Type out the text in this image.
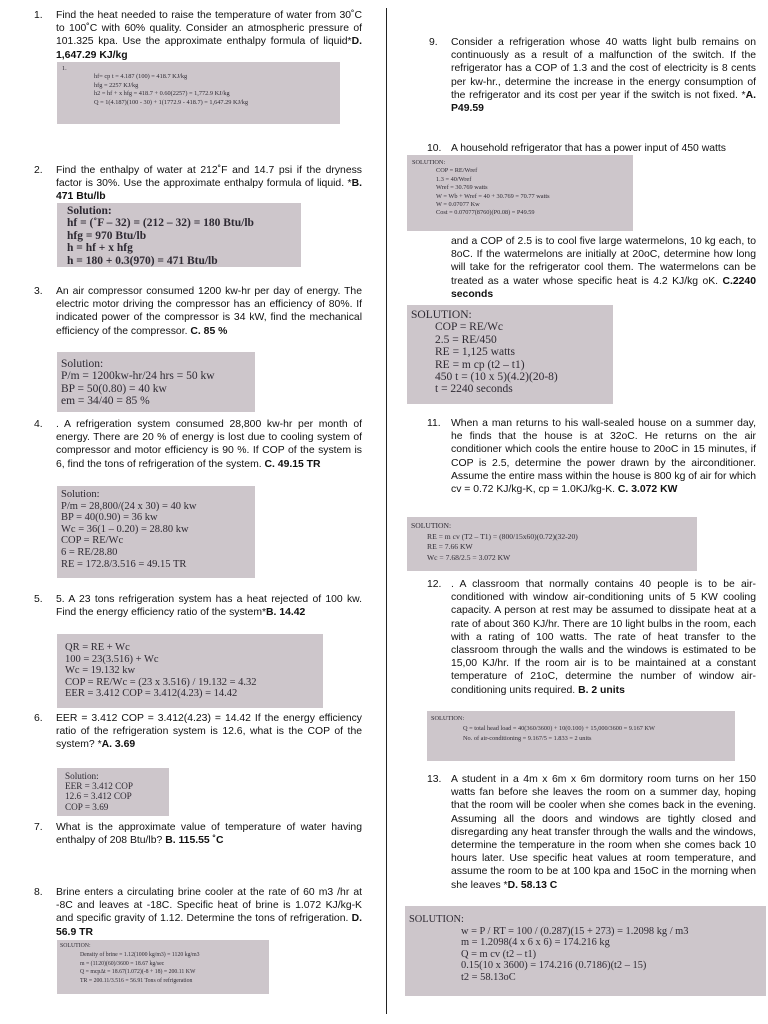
1. Find the heat needed to raise the temperature of water from 30˚C to 100˚C with 60% quality. Consider an atmospheric pressure of 101.325 kpa. Use the approximate enthalpy formula of liquid*D. 1,647.29 KJ/kg
1.
hf= cp t = 4.187 (100) = 418.7 KJ/kg
hfg = 2257 KJ/kg
h2 = hf + x hfg = 418.7 + 0.60(2257) = 1,772.9 KJ/kg
Q = 1(4.187)(100 - 30) + 1(1772.9 - 418.7) = 1,647.29 KJ/kg
2. Find the enthalpy of water at 212˚F and 14.7 psi if the dryness factor is 30%. Use the approximate enthalpy formula of liquid. *B. 471 Btu/lb
Solution:
hf = (˚F – 32) = (212 – 32) = 180 Btu/lb
hfg = 970 Btu/lb
h = hf + x hfg
h = 180 + 0.3(970) = 471 Btu/lb
3. An air compressor consumed 1200 kw-hr per day of energy. The electric motor driving the compressor has an efficiency of 80%. If indicated power of the compressor is 34 kW, find the mechanical efficiency of the compressor. C. 85 %
Solution:
P/m = 1200kw-hr/24 hrs = 50 kw
BP = 50(0.80) = 40 kw
em = 34/40 = 85 %
4. . A refrigeration system consumed 28,800 kw-hr per month of energy. There are 20 % of energy is lost due to cooling system of compressor and motor efficiency is 90 %. If COP of the system is 6, find the tons of refrigeration of the system. C. 49.15 TR
Solution:
P/m = 28,800/(24 x 30) = 40 kw
BP = 40(0.90) = 36 kw
Wc = 36(1 – 0.20) = 28.80 kw
COP = RE/Wc
6 = RE/28.80
RE = 172.8/3.516 = 49.15 TR
5. 5. A 23 tons refrigeration system has a heat rejected of 100 kw. Find the energy efficiency ratio of the system*B. 14.42
QR = RE + Wc
100 = 23(3.516) + Wc
Wc = 19.132 kw
COP = RE/Wc = (23 x 3.516) / 19.132 = 4.32
EER = 3.412 COP = 3.412(4.23) = 14.42
6. EER = 3.412 COP = 3.412(4.23) = 14.42 If the energy efficiency ratio of the refrigeration system is 12.6, what is the COP of the system? *A. 3.69
Solution:
EER = 3.412 COP
12.6 = 3.412 COP
COP = 3.69
7. What is the approximate value of temperature of water having enthalpy of 208 Btu/lb? B. 115.55 ˚C
8. Brine enters a circulating brine cooler at the rate of 60 m3 /hr at -8C and leaves at -18C. Specific heat of brine is 1.072 KJ/kg-K and specific gravity of 1.12. Determine the tons of refrigeration. D. 56.9 TR
SOLUTION:
Density of brine = 1.12(1000 kg/m3) = 1120 kg/m3
m = (1120)(60)/3600 = 18.67 kg/sec
Q = mcpΔt = 18.67(1.072)(-8 + 18) = 200.11 KW
TR = 200.11/3.516 = 56.91 Tons of refrigeration
9. Consider a refrigeration whose 40 watts light bulb remains on continuously as a result of a malfunction of the switch. If the refrigerator has a COP of 1.3 and the cost of electricity is 8 cents per kw-hr., determine the increase in the energy consumption of the refrigerator and its cost per year if the switch is not fixed. *A. P49.59
10. A household refrigerator that has a power input of 450 watts
SOLUTION:
COP = RE/Wref
1.3 = 40/Wref
Wref = 30.769 watts
W = Wb + Wref = 40 + 30.769 = 70.77 watts
W = 0.07077 Kw
Cost = 0.07077(8760)(P0.08) = P49.59
and a COP of 2.5 is to cool five large watermelons, 10 kg each, to 8oC. If the watermelons are initially at 20oC, determine how long will take for the refrigerator cool them. The watermelons can be treated as a water whose specific heat is 4.2 KJ/kg oK. C.2240 seconds
SOLUTION:
COP = RE/Wc
2.5 = RE/450
RE = 1,125 watts
RE = m cp (t2 – t1)
450 t = (10 x 5)(4.2)(20-8)
t = 2240 seconds
11. When a man returns to his wall-sealed house on a summer day, he finds that the house is at 32oC. He returns on the air conditioner which cools the entire house to 20oC in 15 minutes, if COP is 2.5, determine the power drawn by the airconditioner. Assume the entire mass within the house is 800 kg of air for which cv = 0.72 KJ/kg-K, cp = 1.0KJ/kg-K. C. 3.072 KW
SOLUTION:
RE = m cv (T2 – T1) = (800/15x60)(0.72)(32-20)
RE = 7.66 KW
Wc = 7.68/2.5 = 3.072 KW
12. . A classroom that normally contains 40 people is to be air-conditioned with window air-conditioning units of 5 KW cooling capacity. A person at rest may be assumed to dissipate heat at a rate of about 360 KJ/hr. There are 10 light bulbs in the room, each with a rating of 100 watts. The rate of heat transfer to the classroom through the walls and the windows is estimated to be 15,00 KJ/hr. If the room air is to be maintained at a constant temperature of 21oC, determine the number of window air- conditioning units required. B. 2 units
SOLUTION:
Q = total head load = 40(360/3600) + 10(0.100) + 15,000/3600 = 9.167 KW
No. of air-conditioning = 9.167/5 = 1.833 = 2 units
13. A student in a 4m x 6m x 6m dormitory room turns on her 150 watts fan before she leaves the room on a summer day, hoping that the room will be cooler when she comes back in the evening. Assuming all the doors and windows are tightly closed and disregarding any heat transfer through the walls and the windows, determine the temperature in the room when she comes back 10 hours later. Use specific heat values at room temperature, and assume the room to be at 100 kpa and 15oC in the morning when she leaves *D. 58.13 C
SOLUTION:
w = P / RT = 100 / (0.287)(15 + 273) = 1.2098 kg / m3
m = 1.2098(4 x 6 x 6) = 174.216 kg
Q = m cv (t2 – t1)
0.15(10 x 3600) = 174.216 (0.7186)(t2 – 15)
t2 = 58.13oC
